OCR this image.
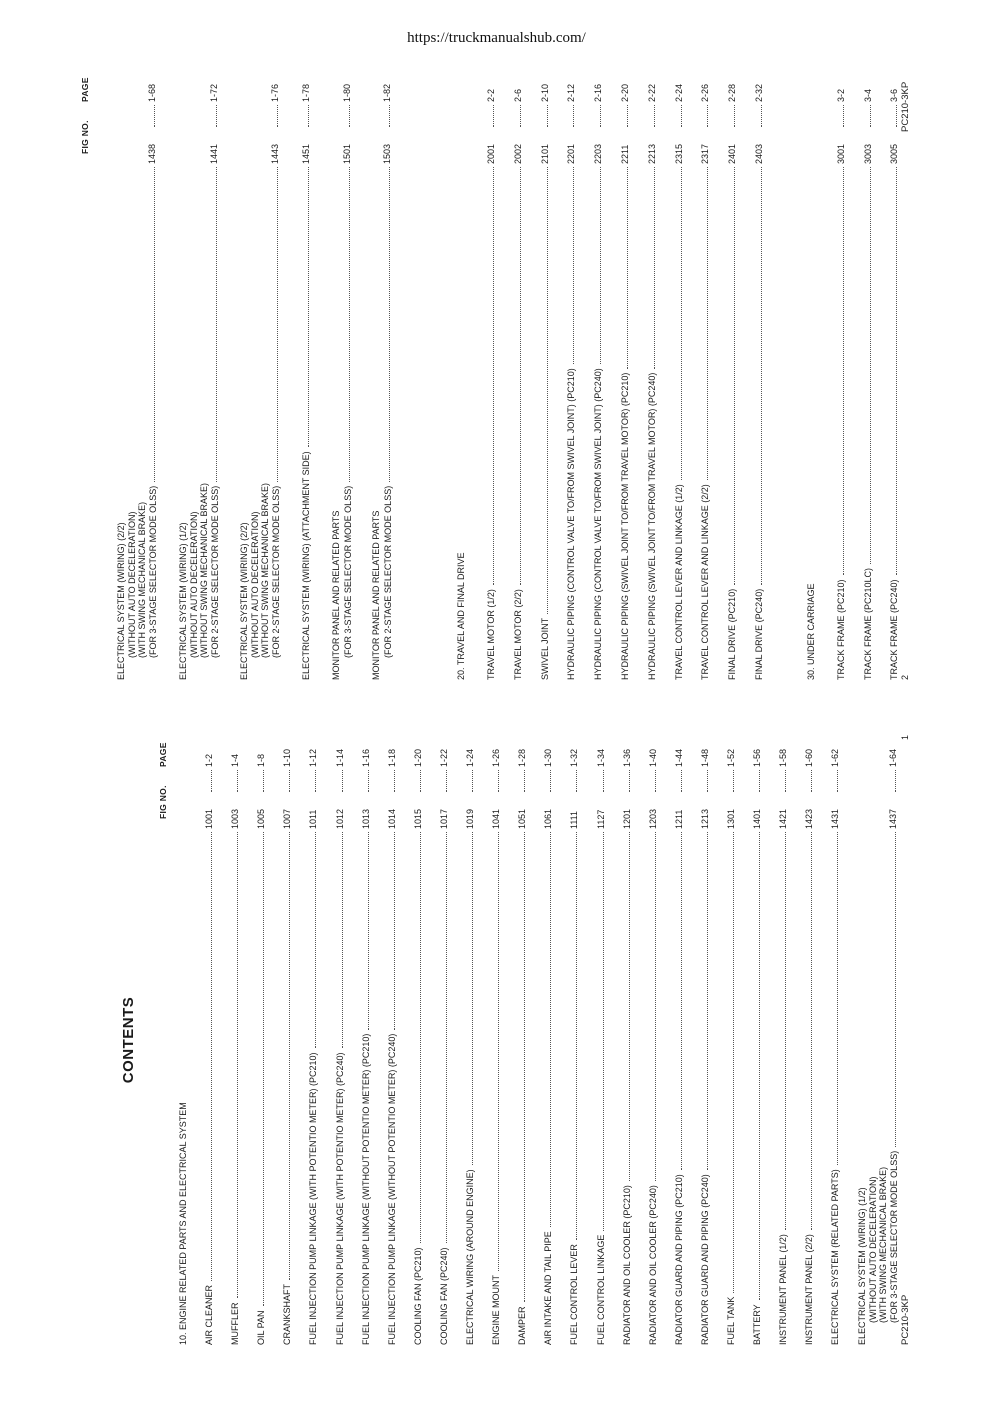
https://truckmanualshub.com/
CONTENTS
FIG NO.
PAGE
10. ENGINE RELATED PARTS AND ELECTRICAL SYSTEM AIR CLEANER
1001
1-2
MUFFLER
1003
1-4
OIL PAN
1005
1-8
CRANKSHAFT
1007
1-10
FUEL INJECTION PUMP LINKAGE (WITH POTENTIO METER) (PC210)
1011
1-12
FUEL INJECTION PUMP LINKAGE (WITH POTENTIO METER) (PC240)
1012
1-14
FUEL INJECTION PUMP LINKAGE (WITHOUT POTENTIO METER) (PC210)
1013
1-16
FUEL INJECTION PUMP LINKAGE (WITHOUT POTENTIO METER) (PC240)
1014
1-18
COOLING FAN (PC210)
1015
1-20
COOLING FAN (PC240)
1017
1-22
ELECTRICAL WIRING (AROUND ENGINE)
1019
1-24
ENGINE MOUNT
1041
1-26
DAMPER
1051
1-28
AIR INTAKE AND TAIL PIPE
1061
1-30
FUEL CONTROL LEVER
1111
1-32
FUEL CONTROL LINKAGE
1127
1-34
RADIATOR AND OIL COOLER (PC210)
1201
1-36
RADIATOR AND OIL COOLER (PC240)
1203
1-40
RADIATOR GUARD AND PIPING (PC210)
1211
1-44
RADIATOR GUARD AND PIPING (PC240)
1213
1-48
FUEL TANK
1301
1-52
BATTERY
1401
1-56
INSTRUMENT PANEL (1/2)
1421
1-58
INSTRUMENT PANEL (2/2)
1423
1-60
ELECTRICAL SYSTEM (RELATED PARTS)
1431
1-62
ELECTRICAL SYSTEM (WIRING) (1/2) (WITHOUT AUTO DECELERATION) (WITH SWING MECHANICAL BRAKE) (FOR 3-STAGE SELECTOR MODE OLSS)
1437
1-64
PC210-3KP
1
FIG NO.
PAGE
ELECTRICAL SYSTEM (WIRING) (2/2) (WITHOUT AUTO DECELERATION) (WITH SWING MECHANICAL BRAKE) (FOR 3-STAGE SELECTOR MODE OLSS)
1438
1-68
ELECTRICAL SYSTEM (WIRING) (1/2) (WITHOUT AUTO DECELERATION) (WITHOUT SWING MECHANICAL BRAKE) (FOR 2-STAGE SELECTOR MODE OLSS)
1441
1-72
ELECTRICAL SYSTEM (WIRING) (2/2) (WITHOUT AUTO DECELERATION) (WITHOUT SWING MECHANICAL BRAKE) (FOR 2-STAGE SELECTOR MODE OLSS)
1443
1-76
ELECTRICAL SYSTEM (WIRING) (ATTACHMENT SIDE)
1451
1-78
MONITOR PANEL AND RELATED PARTS (FOR 3-STAGE SELECTOR MODE OLSS)
1501
1-80
MONITOR PANEL AND RELATED PARTS (FOR 2-STAGE SELECTOR MODE OLSS)
1503
1-82
20. TRAVEL AND FINAL DRIVE TRAVEL MOTOR (1/2)
2001
2-2
TRAVEL MOTOR (2/2)
2002
2-6
SWIVEL JOINT
2101
2-10
HYDRAULIC PIPING (CONTROL VALVE TO/FROM SWIVEL JOINT) (PC210)
2201
2-12
HYDRAULIC PIPING (CONTROL VALVE TO/FROM SWIVEL JOINT) (PC240)
2203
2-16
HYDRAULIC PIPING (SWIVEL JOINT TO/FROM TRAVEL MOTOR) (PC210)
2211
2-20
HYDRAULIC PIPING (SWIVEL JOINT TO/FROM TRAVEL MOTOR) (PC240)
2213
2-22
TRAVEL CONTROL LEVER AND LINKAGE (1/2)
2315
2-24
TRAVEL CONTROL LEVER AND LINKAGE (2/2)
2317
2-26
FINAL DRIVE (PC210)
2401
2-28
FINAL DRIVE (PC240)
2403
2-32
30. UNDER CARRIAGE TRACK FRAME (PC210)
3001
3-2
TRACK FRAME (PC210LC)
3003
3-4
TRACK FRAME (PC240)
3005
3-6 PC210-3KP
2
